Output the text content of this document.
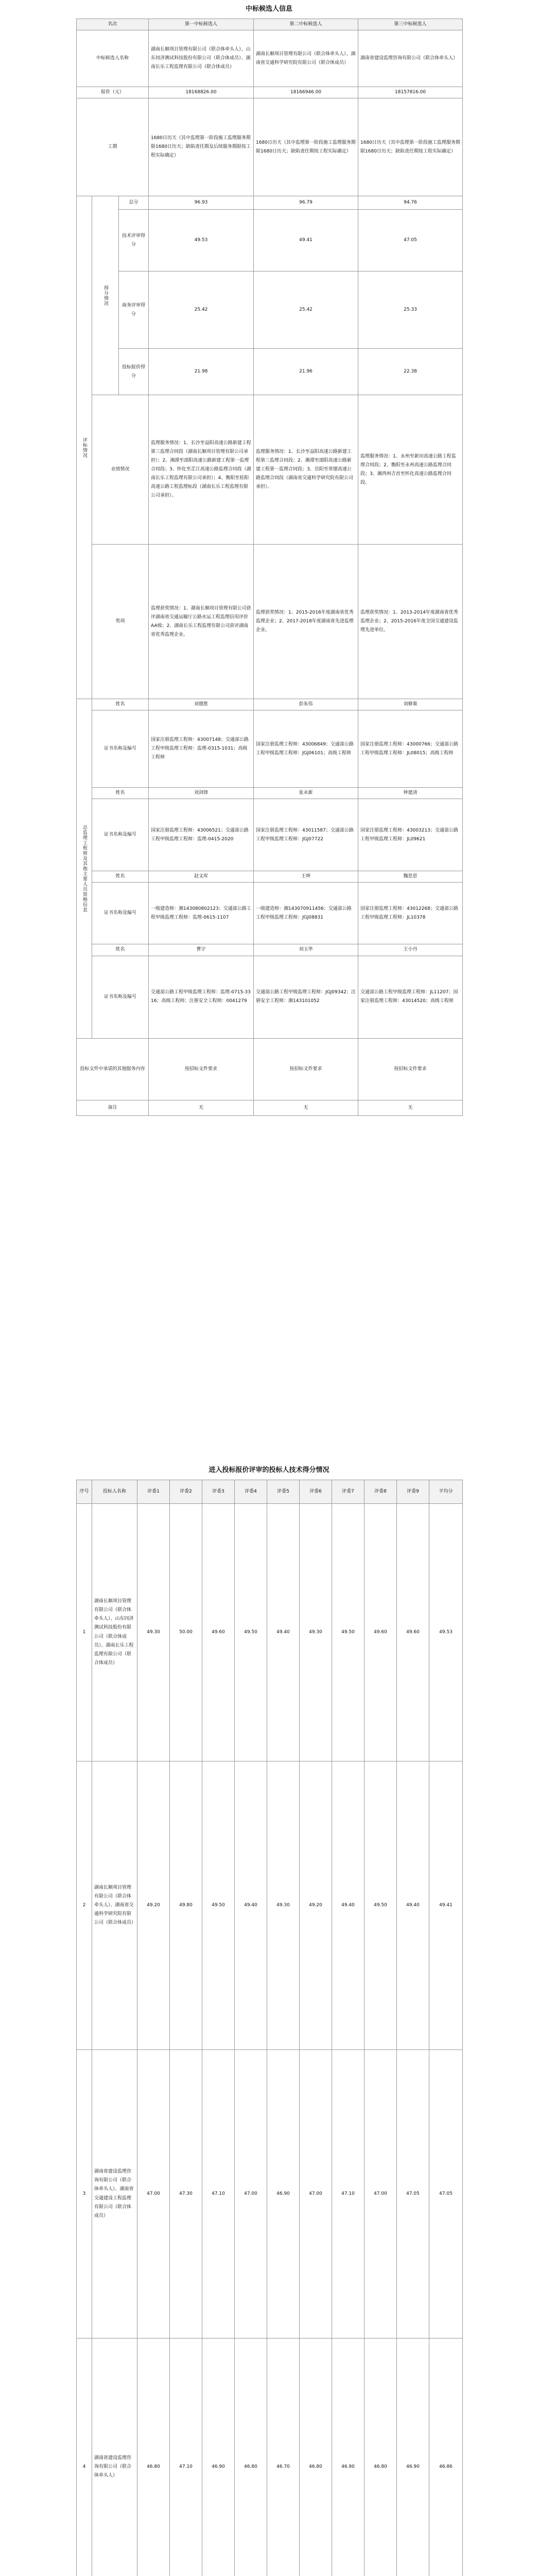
中标候选人信息
名次			第一中标候选人	第二中标候选人	第三中标候选人
中标候选人名称			湖南长顺项目管理有限公司（联合体牵头人）、山东同济测试科技股份有限公司（联合体成员）、湖南长乐工程监理有限公司（联合体成员）	湖南长顺项目管理有限公司（联合体牵头人）、湖南省交通科学研究院有限公司（联合体成员）	湖南省建设监理咨询有限公司（联合体牵头人）
报价（元）			18168826.00	18166946.00	18157816.00
工期			1680日历天（其中监理第一阶段施工监理服务期限1680日历天；缺陷责任期及后续服务期限按工程实际确定）	1680日历天（其中监理第一阶段施工监理服务期限1680日历天；缺陷责任期按工程实际确定）	1680日历天（其中监理第一阶段施工监理服务期限1680日历天；缺陷责任期按工程实际确定）
评标情况	得分情况	总分	96.93	96.79	94.76
		技术评审得分	49.53	49.41	47.05
		商务评审得分	25.42	25.42	25.33
		投标报价得分	21.98	21.96	22.38
	业绩情况		监理服务情况：1、长沙至益阳高速公路新建工程第三监理合同段（湖南长顺项目管理有限公司承担）；2、湘潭至邵阳高速公路新建工程第一监理合同段；3、怀化至芷江高速公路监理合同段（湖南长乐工程监理有限公司承担）；4、衡阳至桂阳高速公路工程监理标段（湖南长乐工程监理有限公司承担）。	监理服务情况：1、长沙至益阳高速公路新建工程第三监理合同段；2、湘潭至邵阳高速公路新建工程第一监理合同段；3、岳阳至常德高速公路监理合同段（湖南省交通科学研究院有限公司承担）。	监理服务情况：1、永州至新田高速公路工程监理合同段；2、衡阳至永州高速公路监理合同段；3、湘西州吉首至怀化高速公路监理合同段。
	奖项		监理获奖情况：1、湖南长顺项目管理有限公司获评湖南省交通运输厅公路水运工程监理信用评价AA级；2、湖南长乐工程监理有限公司获评湖南省优秀监理企业。	监理获奖情况：1、2015-2016年度湖南省优秀监理企业；2、2017-2018年度湖南省先进监理企业。	监理获奖情况：1、2013-2014年度湖南省优秀监理企业；2、2015-2016年度全国交通建设监理先进单位。
总监理工程师及其他主要人员资格信息	姓名		刘德胜	彭朱伟	刘修策
	证书名称及编号		国家注册监理工程师：43007148；交通部公路工程甲级监理工程师：监理-0315-1031；高级工程师	国家注册监理工程师：43006849；交通部公路工程甲级监理工程师：JGJ06101；高级工程师	国家注册监理工程师：43000766；交通部公路工程甲级监理工程师：JL08015；高级工程师
	姓名		刘剑锋	张永新	钟建清
	证书名称及编号		国家注册监理工程师：43006521；交通部公路工程甲级监理工程师：监理-0415-2020	国家注册监理工程师：43011587；交通部公路工程甲级监理工程师：JGJ07722	国家注册监理工程师：43003213；交通部公路工程甲级监理工程师：JL09621
	姓名		赵文库	王坤	魏思思
	证书名称及编号		一级建造师：湘143080802123；交通部公路工程甲级监理工程师：监理-0615-1107	一级建造师：湘143070911456；交通部公路工程甲级监理工程师：JGJ08831	国家注册监理工程师：43012268；交通部公路工程甲级监理工程师：JL10378
	姓名		曹宇	刘玉华	王小丹
	证书名称及编号		交通部公路工程甲级监理工程师：监理-0715-3316；高级工程师；注册安全工程师：0041279	交通部公路工程甲级监理工程师：JGJ09342；注册安全工程师：湘143101052	交通部公路工程甲级监理工程师：JL11207；国家注册监理工程师：43014520；高级工程师
投标文件中承诺的其他服务内容			按招标文件要求	按招标文件要求	按招标文件要求
备注			无	无	无
进入投标报价评审的投标人技术得分情况
序号	投标人名称	评委1	评委2	评委3	评委4	评委5	评委6	评委7	评委8	评委9	平均分
1	湖南长顺项目管理有限公司（联合体牵头人）、山东同济测试科技股份有限公司（联合体成员）、湖南长乐工程监理有限公司（联合体成员）	49.30	50.00	49.60	49.50	49.40	49.30	49.50	49.60	49.60	49.53
2	湖南长顺项目管理有限公司（联合体牵头人）、湖南省交通科学研究院有限公司（联合体成员）	49.20	49.80	49.50	49.40	49.30	49.20	49.40	49.50	49.40	49.41
3	湖南省建设监理咨询有限公司（联合体牵头人）、湖南省交通建设工程监理有限公司（联合体成员）	47.00	47.30	47.10	47.00	46.90	47.00	47.10	47.00	47.05	47.05
4	湖南省建设监理咨询有限公司（联合体牵头人）	46.80	47.10	46.90	46.80	46.70	46.80	46.90	46.80	46.90	46.86
